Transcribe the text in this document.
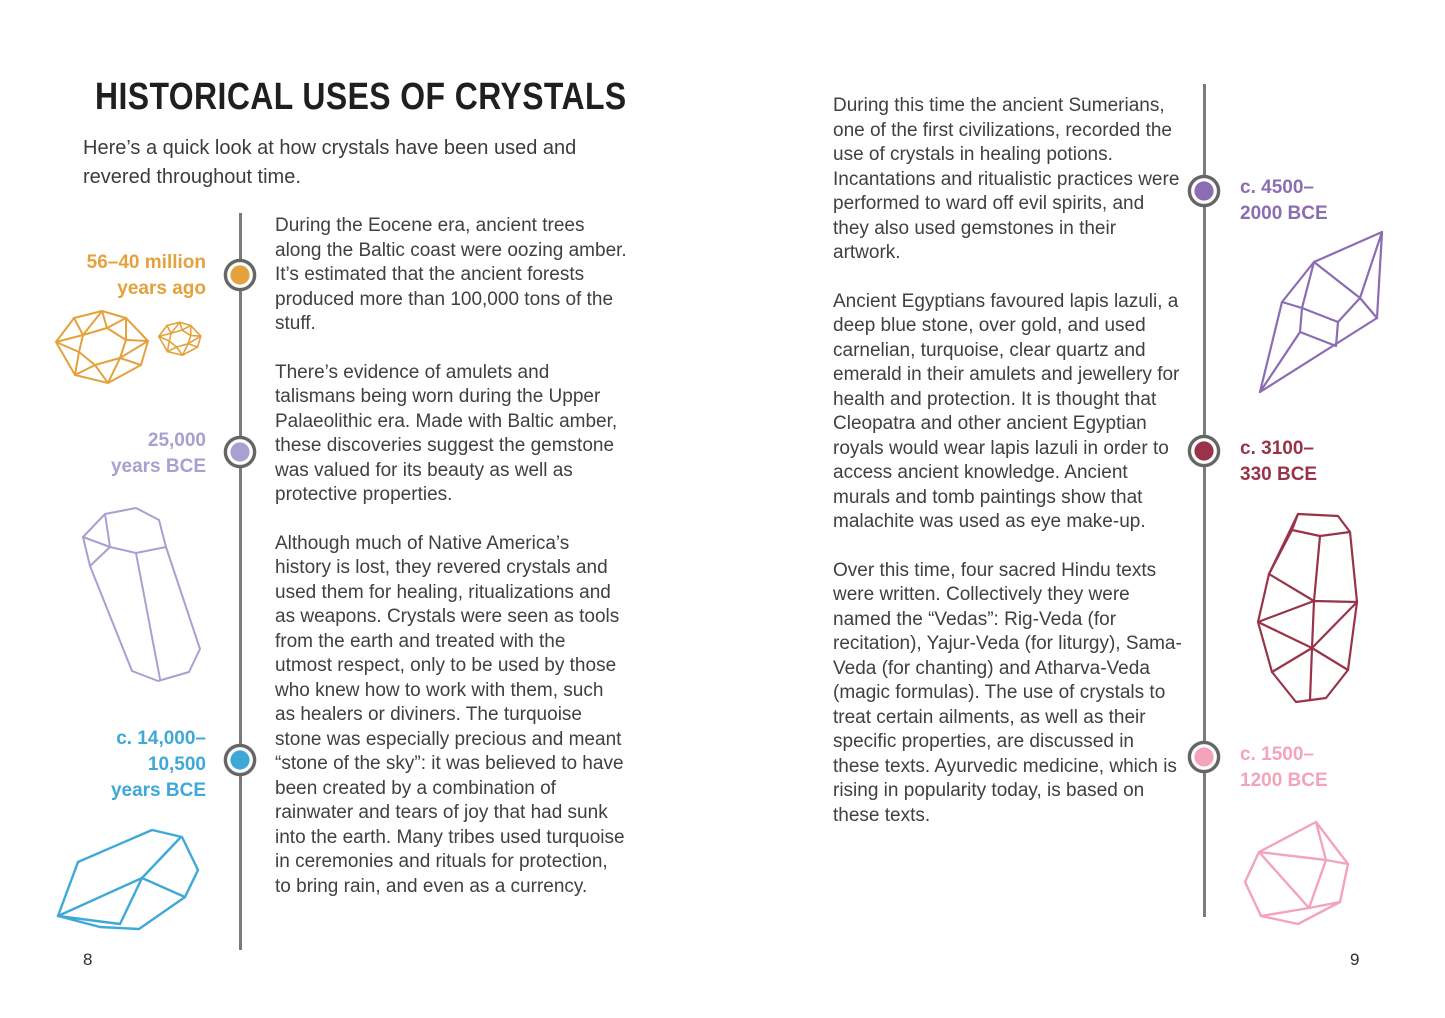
HISTORICAL USES OF CRYSTALS

Here’s a quick look at how crystals have been used and revered throughout time.

56–40 million
years ago
25,000
years BCE
c. 14,000–
10,500
years BCE

During the Eocene era, ancient trees along the Baltic coast were oozing amber. It’s estimated that the ancient forests produced more than 100,000 tons of the stuff.

There’s evidence of amulets and talismans being worn during the Upper Palaeolithic era. Made with Baltic amber, these discoveries suggest the gemstone was valued for its beauty as well as protective properties.

Although much of Native America’s history is lost, they revered crystals and used them for healing, ritualizations and as weapons. Crystals were seen as tools from the earth and treated with the utmost respect, only to be used by those who knew how to work with them, such as healers or diviners. The turquoise stone was especially precious and meant “stone of the sky”: it was believed to have been created by a combination of rainwater and tears of joy that had sunk into the earth. Many tribes used turquoise in ceremonies and rituals for protection, to bring rain, and even as a currency.

8
c. 4500–
2000 BCE
c. 3100–
330 BCE
c. 1500–
1200 BCE

During this time the ancient Sumerians, one of the first civilizations, recorded the use of crystals in healing potions. Incantations and ritualistic practices were performed to ward off evil spirits, and they also used gemstones in their artwork.

Ancient Egyptians favoured lapis lazuli, a deep blue stone, over gold, and used carnelian, turquoise, clear quartz and emerald in their amulets and jewellery for health and protection. It is thought that Cleopatra and other ancient Egyptian royals would wear lapis lazuli in order to access ancient knowledge. Ancient murals and tomb paintings show that malachite was used as eye make-up.

Over this time, four sacred Hindu texts were written. Collectively they were named the “Vedas”: Rig-Veda (for recitation), Yajur-Veda (for liturgy), Sama-Veda (for chanting) and Atharva-Veda (magic formulas). The use of crystals to treat certain ailments, as well as their specific properties, are discussed in these texts. Ayurvedic medicine, which is rising in popularity today, is based on these texts.

9
